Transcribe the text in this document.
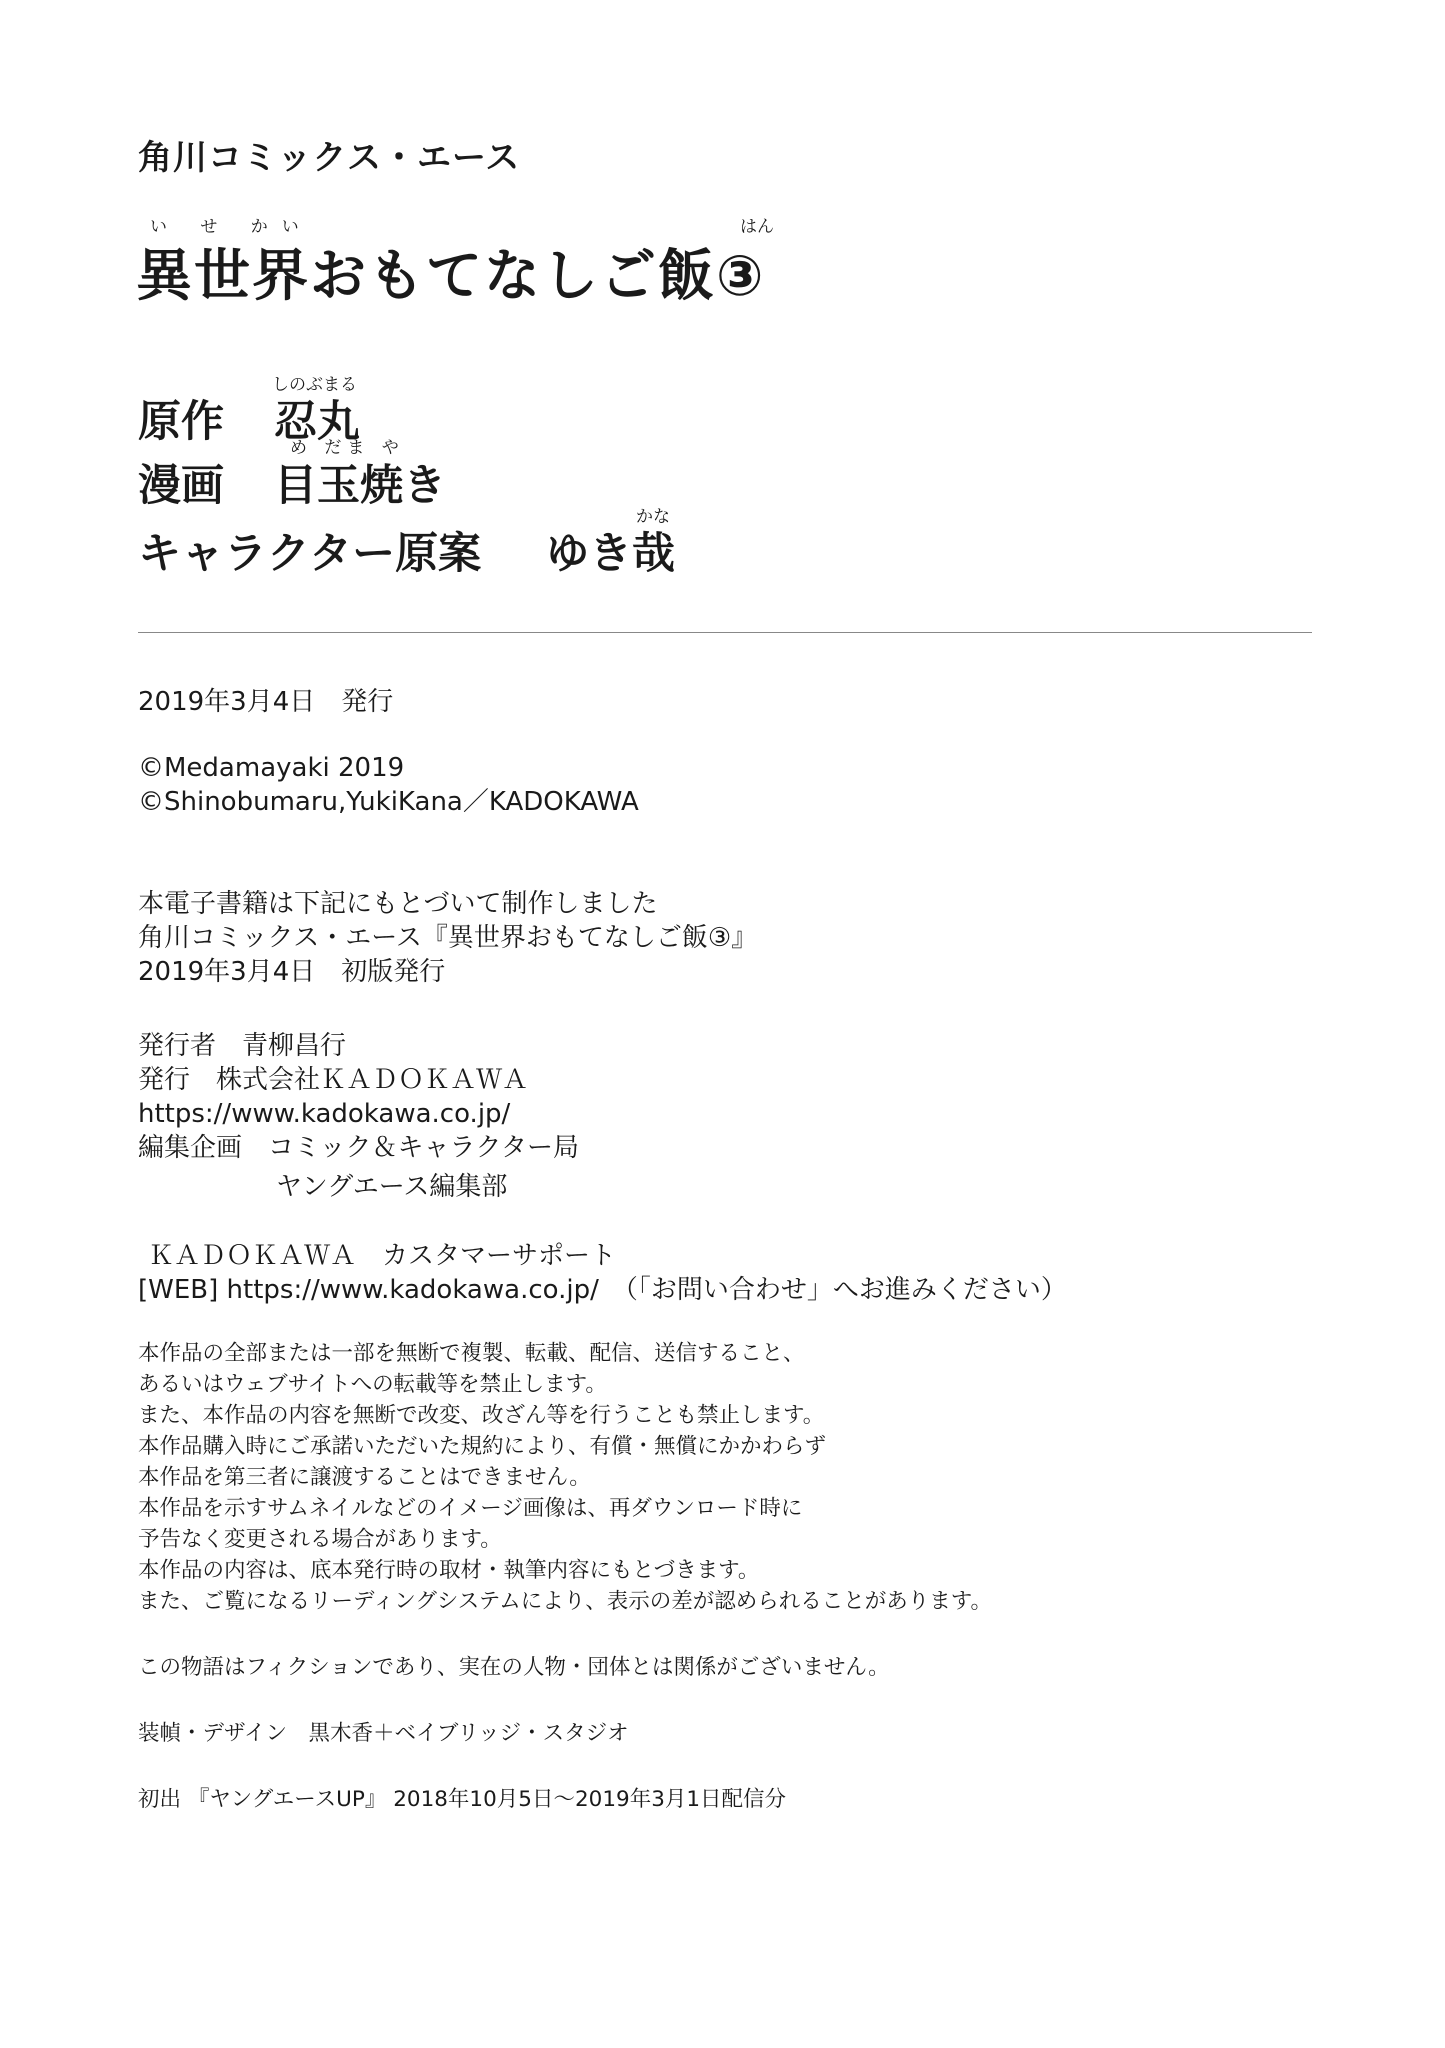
角川コミックス・エース
い せ かい	はん
異世界おもてなしご飯③
しのぶまる
原作 忍丸
め だま や
漫画 目玉焼き
かな
キャラクター原案 ゆき哉
2019年3月4日　発行
©Medamayaki 2019
©Shinobumaru,YukiKana／KADOKAWA
本電子書籍は下記にもとづいて制作しました
角川コミックス・エース『異世界おもてなしご飯③』
2019年3月4日　初版発行
発行者　青柳昌行
発行　株式会社ＫＡＤＯＫＡＷＡ
https://www.kadokawa.co.jp/
編集企画　コミック＆キャラクター局
ヤングエース編集部
ＫＡＤＯＫＡＷＡ　カスタマーサポート
[WEB] https://www.kadokawa.co.jp/　（「お問い合わせ」へお進みください）
本作品の全部または一部を無断で複製、転載、配信、送信すること、
あるいはウェブサイトへの転載等を禁止します。
また、本作品の内容を無断で改変、改ざん等を行うことも禁止します。
本作品購入時にご承諾いただいた規約により、有償・無償にかかわらず
本作品を第三者に譲渡することはできません。
本作品を示すサムネイルなどのイメージ画像は、再ダウンロード時に
予告なく変更される場合があります。
本作品の内容は、底本発行時の取材・執筆内容にもとづきます。
また、ご覧になるリーディングシステムにより、表示の差が認められることがあります。
この物語はフィクションであり、実在の人物・団体とは関係がございません。
装幀・デザイン　黒木香＋ベイブリッジ・スタジオ
初出 『ヤングエースUP』 2018年10月5日〜2019年3月1日配信分
